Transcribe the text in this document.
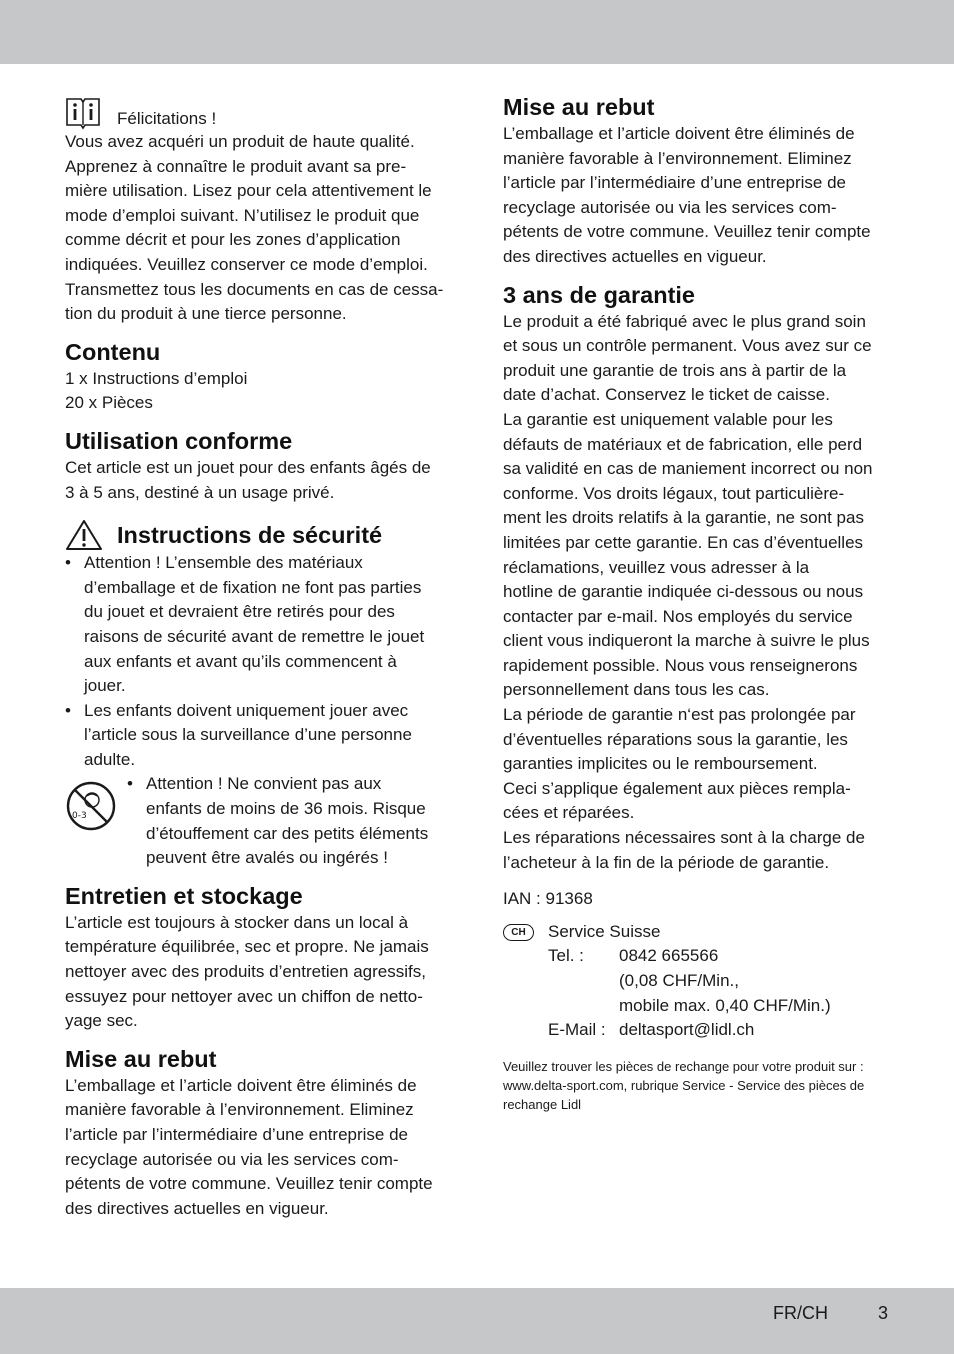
Félicitations !

Vous avez acquéri un produit de haute qualité.

Apprenez à connaître le produit avant sa pre-

mière utilisation. Lisez pour cela attentivement le

mode d’emploi suivant. N’utilisez le produit que

comme décrit et pour les zones d’application

indiquées. Veuillez conserver ce mode d’emploi.

Transmettez tous les documents en cas de cessa-

tion du produit à une tierce personne.

Contenu

1 x Instructions d’emploi

20 x Pièces

Utilisation conforme

Cet article est un jouet pour des enfants âgés de

3 à 5 ans, destiné à un usage privé.

Instructions de sécurité

• Attention ! L’ensemble des matériaux

d’emballage et de fixation ne font pas parties

du jouet et devraient être retirés pour des

raisons de sécurité avant de remettre le jouet

aux enfants et avant qu’ils commencent à

jouer.

• Les enfants doivent uniquement jouer avec

l’article sous la surveillance d’une personne

adulte.

0-3

• Attention ! Ne convient pas aux

enfants de moins de 36 mois. Risque

d’étouffement car des petits éléments

peuvent être avalés ou ingérés !

Entretien et stockage

L’article est toujours à stocker dans un local à

température équilibrée, sec et propre. Ne jamais

nettoyer avec des produits d’entretien agressifs,

essuyez pour nettoyer avec un chiffon de netto-

yage sec.

Mise au rebut

L’emballage et l’article doivent être éliminés de

manière favorable à l’environnement. Eliminez

l’article par l’intermédiaire d’une entreprise de

recyclage autorisée ou via les services com-

pétents de votre commune. Veuillez tenir compte

des directives actuelles en vigueur.

Mise au rebut

L’emballage et l’article doivent être éliminés de

manière favorable à l’environnement. Eliminez

l’article par l’intermédiaire d’une entreprise de

recyclage autorisée ou via les services com-

pétents de votre commune. Veuillez tenir compte

des directives actuelles en vigueur.

3 ans de garantie

Le produit a été fabriqué avec le plus grand soin

et sous un contrôle permanent. Vous avez sur ce

produit une garantie de trois ans à partir de la

date d’achat. Conservez le ticket de caisse.

La garantie est uniquement valable pour les

défauts de matériaux et de fabrication, elle perd

sa validité en cas de maniement incorrect ou non

conforme. Vos droits légaux, tout particulière-

ment les droits relatifs à la garantie, ne sont pas

limitées par cette garantie. En cas d’éventuelles

réclamations, veuillez vous adresser à la

hotline de garantie indiquée ci-dessous ou nous

contacter par e-mail. Nos employés du service

client vous indiqueront la marche à suivre le plus

rapidement possible. Nous vous renseignerons

personnellement dans tous les cas.

La période de garantie n‘est pas prolongée par

d’éventuelles réparations sous la garantie, les

garanties implicites ou le remboursement.

Ceci s’applique également aux pièces rempla-

cées et réparées.

Les réparations nécessaires sont à la charge de

l’acheteur à la fin de la période de garantie.

IAN : 91368

CH	Service Suisse
Tel. :	0842 665566
(0,08 CHF/Min.,
mobile max. 0,40 CHF/Min.)
E-Mail : deltasport@lidl.ch

Veuillez trouver les pièces de rechange pour votre produit sur :

www.delta-sport.com, rubrique Service - Service des pièces de

rechange Lidl

FR/CH	3
